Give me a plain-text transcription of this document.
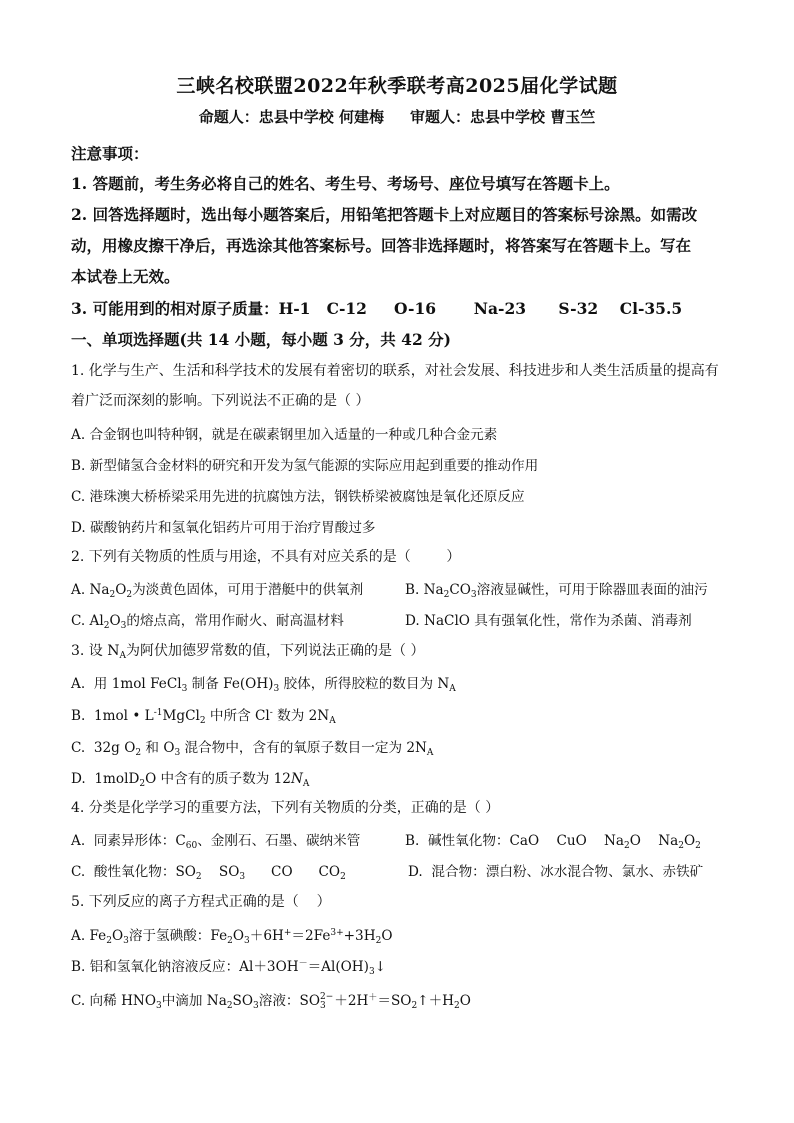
三峡名校联盟2022年秋季联考高2025届化学试题
命题人：忠县中学校 何建梅 审题人：忠县中学校 曹玉竺
注意事项：
1. 答题前，考生务必将自己的姓名、考生号、考场号、座位号填写在答题卡上。
2. 回答选择题时，选出每小题答案后，用铅笔把答题卡上对应题目的答案标号涂黑。如需改
动，用橡皮擦干净后，再选涂其他答案标号。回答非选择题时，将答案写在答题卡上。写在
本试卷上无效。
3. 可能用到的相对原子质量：H-1   C-12     O-16       Na-23      S-32    Cl-35.5
一、单项选择题(共 14 小题，每小题 3 分，共 42 分)
1. 化学与生产、生活和科学技术的发展有着密切的联系，对社会发展、科技进步和人类生活质量的提高有
着广泛而深刻的影响。下列说法不正确的是（ ）
A. 合金钢也叫特种钢，就是在碳素钢里加入适量的一种或几种合金元素
B. 新型储氢合金材料的研究和开发为氢气能源的实际应用起到重要的推动作用
C. 港珠澳大桥桥梁采用先进的抗腐蚀方法，钢铁桥梁被腐蚀是氧化还原反应
D. 碳酸钠药片和氢氧化铝药片可用于治疗胃酸过多
2. 下列有关物质的性质与用途，不具有对应关系的是（        ）
A. $Na_2O_2$为淡黄色固体，可用于潜艇中的供氧剂	B. $Na_2CO_3$溶液显碱性，可用于除器皿表面的油污
C. $Al_2O_3$的熔点高，常用作耐火、耐高温材料	D. NaClO 具有强氧化性，常作为杀菌、消毒剂
3. 设 $N_A$为阿伏加德罗常数的值，下列说法正确的是（ ）
A.  用 1mol FeCl$_3$ 制备 $Fe(OH)_3$ 胶体，所得胶粒的数目为 $N_A$
B.  1mol • $L^{-1}MgCl_2$ 中所含 Cl- 数为 $2N_A$
C.  32g $O_2$ 和 $O_3$ 混合物中，含有的氧原子数目一定为 $2N_A$
D.  1molD$_2$O 中含有的质子数为 $12N_A$
4. 分类是化学学习的重要方法，下列有关物质的分类，正确的是（ ）
A.  同素异形体：$C_{60}$、金刚石、石墨、碳纳米管	B.  碱性氧化物：CaO    CuO    $Na_2O$    $Na_2O_2$
C.  酸性氧化物：$SO_2$    $SO_3$      CO      $CO_2$	D.  混合物：漂白粉、冰水混合物、氯水、赤铁矿
5. 下列反应的离子方程式正确的是（    ）
A. $Fe_2O_3$溶于氢碘酸：$Fe_2O_3+6H^+=2Fe^{3+}+3H_2O$
B. 铝和氢氧化钠溶液反应：$Al+3OH^-=Al(OH)_3↓$
C. 向稀 $HNO_3$中滴加 $Na_2SO_3$溶液：SO2−
$3 +2H^+=SO_2↑+H_2O$
